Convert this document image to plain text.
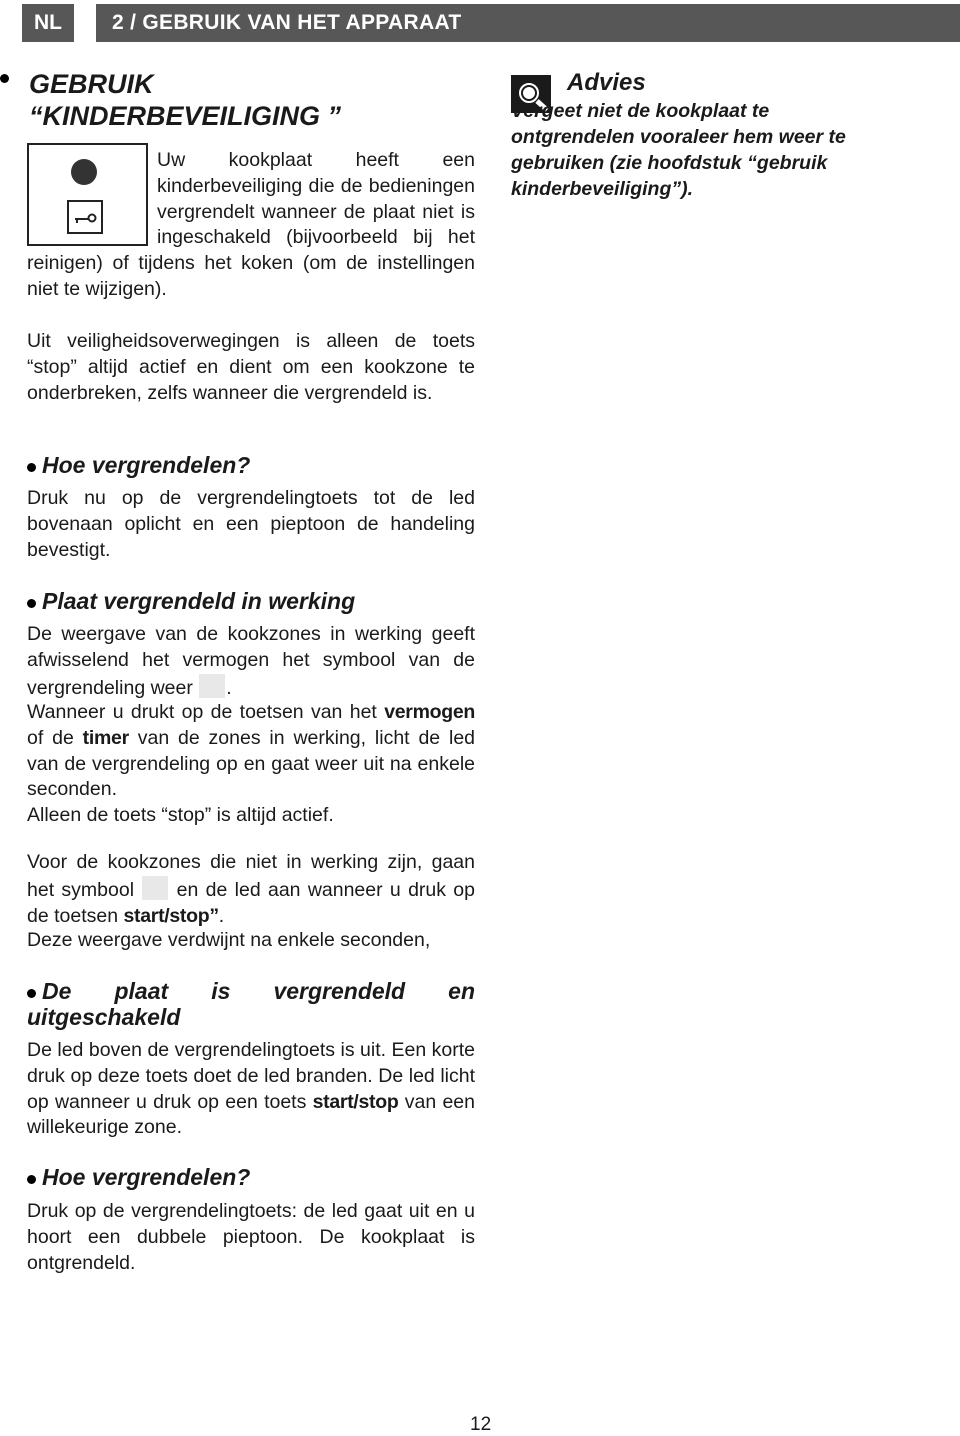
NL	2 / GEBRUIK VAN HET APPARAAT
GEBRUIK
“KINDERBEVEILIGING ”
Uw kookplaat heeft een kinderbeveiliging die de bedieningen vergrendelt wanneer de plaat niet is ingeschakeld (bijvoorbeeld bij het reinigen) of tijdens het koken (om de instellingen niet te wijzigen).

Uit veiligheidsoverwegingen is alleen de toets “stop” altijd actief en dient om een kookzone te onderbreken, zelfs wanneer die vergrendeld is.

Hoe vergrendelen?

Druk nu op de vergrendelingtoets tot de led bovenaan oplicht en een pieptoon de handeling bevestigt.

Plaat vergrendeld in werking

De weergave van de kookzones in werking geeft afwisselend het vermogen het symbool van de vergrendeling weer .

Wanneer u drukt op de toetsen van het vermogen of de timer van de zones in werking, licht de led van de vergrendeling op en gaat weer uit na enkele seconden.

Alleen de toets “stop” is altijd actief.

Voor de kookzones die niet in werking zijn, gaan het symbool en de led aan wanneer u druk op de toetsen start/stop”.

Deze weergave verdwijnt na enkele seconden,

De plaat is vergrendeld en
uitgeschakeld

De led boven de vergrendelingtoets is uit. Een korte druk op deze toets doet de led branden. De led licht op wanneer u druk op een toets start/stop van een willekeurige zone.

Hoe vergrendelen?

Druk op de vergrendelingtoets: de led gaat uit en u hoort een dubbele pieptoon. De kookplaat is ontgrendeld.

Advies

Vergeet niet de kookplaat te ontgrendelen vooraleer hem weer te gebruiken (zie hoofdstuk “gebruik kinderbeveiliging”).

12
